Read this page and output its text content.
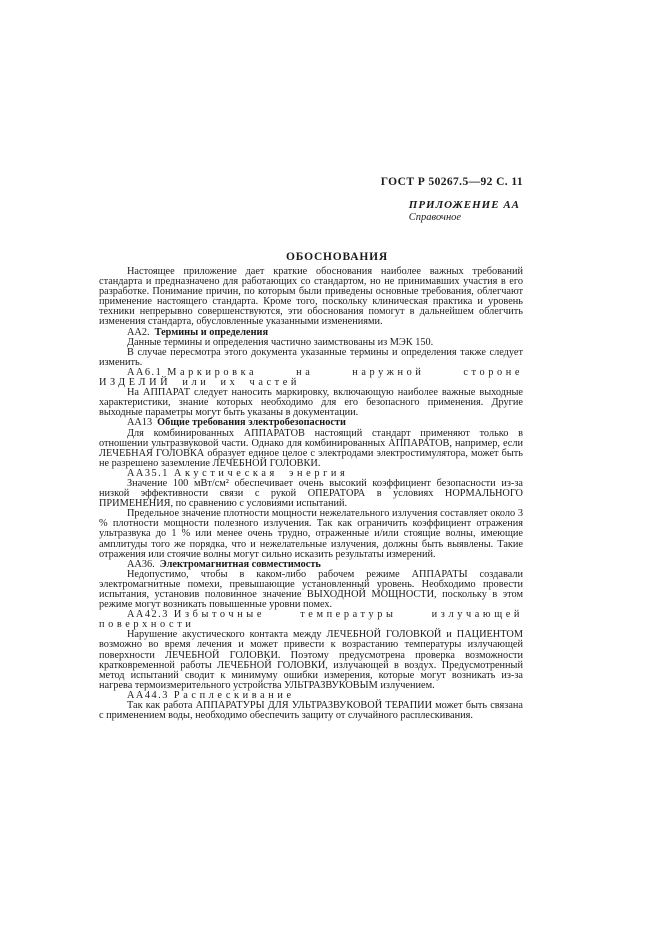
ГОСТ Р 50267.5—92 С. 11
ПРИЛОЖЕНИЕ АА
Справочное
ОБОСНОВАНИЯ

Настоящее приложение дает краткие обоснования наиболее важных требований стандарта и предназначено для работающих со стандартом, но не принимавших участия в его разработке. Понимание причин, по которым были приведены основные требования, облегчают применение настоящего стандарта. Кроме того, поскольку клиническая практика и уровень техники непрерывно совершенствуются, эти обоснования помогут в дальнейшем облегчить изменения стандарта, обусловленные указанными изменениями.

АА2. Термины и определения

Данные термины и определения частично заимствованы из МЭК 150.

В случае пересмотра этого документа указанные термины и определения также следует изменить.

АА6.1 Маркировка на наружной стороне ИЗДЕЛИЙ или их частей

На АППАРАТ следует наносить маркировку, включающую наиболее важные выходные характеристики, знание которых необходимо для его безопасного применения. Другие выходные параметры могут быть указаны в документации.

АА13 Общие требования электробезопасности

Для комбинированных АППАРАТОВ настоящий стандарт применяют только в отношении ультразвуковой части. Однако для комбинированных АППАРАТОВ, например, если ЛЕЧЕБНАЯ ГОЛОВКА образует единое целое с электродами электростимулятора, может быть не разрешено заземление ЛЕЧЕБНОЙ ГОЛОВКИ.

АА35.1 Акустическая энергия

Значение 100 мВт/см² обеспечивает очень высокий коэффициент безопасности из-за низкой эффективности связи с рукой ОПЕРАТОРА в условиях НОРМАЛЬНОГО ПРИМЕНЕНИЯ, по сравнению с условиями испытаний.

Предельное значение плотности мощности нежелательного излучения составляет около 3 % плотности мощности полезного излучения. Так как ограничить коэффициент отражения ультразвука до 1 % или менее очень трудно, отраженные и/или стоящие волны, имеющие амплитуды того же порядка, что и нежелательные излучения, должны быть выявлены. Такие отражения или стоячие волны могут сильно исказить результаты измерений.

АА36. Электромагнитная совместимость

Недопустимо, чтобы в каком-либо рабочем режиме АППАРАТЫ создавали электромагнитные помехи, превышающие установленный уровень. Необходимо провести испытания, установив половинное значение ВЫХОДНОЙ МОЩНОСТИ, поскольку в этом режиме могут возникать повышенные уровни помех.

АА42.3 Избыточные температуры излучающей поверхности

Нарушение акустического контакта между ЛЕЧЕБНОЙ ГОЛОВКОЙ и ПАЦИЕНТОМ возможно во время лечения и может привести к возрастанию температуры излучающей поверхности ЛЕЧЕБНОЙ ГОЛОВКИ. Поэтому предусмотрена проверка возможности кратковременной работы ЛЕЧЕБНОЙ ГОЛОВКИ, излучающей в воздух. Предусмотренный метод испытаний сводит к минимуму ошибки измерения, которые могут возникать из-за нагрева термоизмерительного устройства УЛЬТРАЗВУКОВЫМ излучением.

АА44.3 Расплескивание

Так как работа АППАРАТУРЫ ДЛЯ УЛЬТРАЗВУКОВОЙ ТЕРАПИИ может быть связана с применением воды, необходимо обеспечить защиту от случайного расплескивания.
